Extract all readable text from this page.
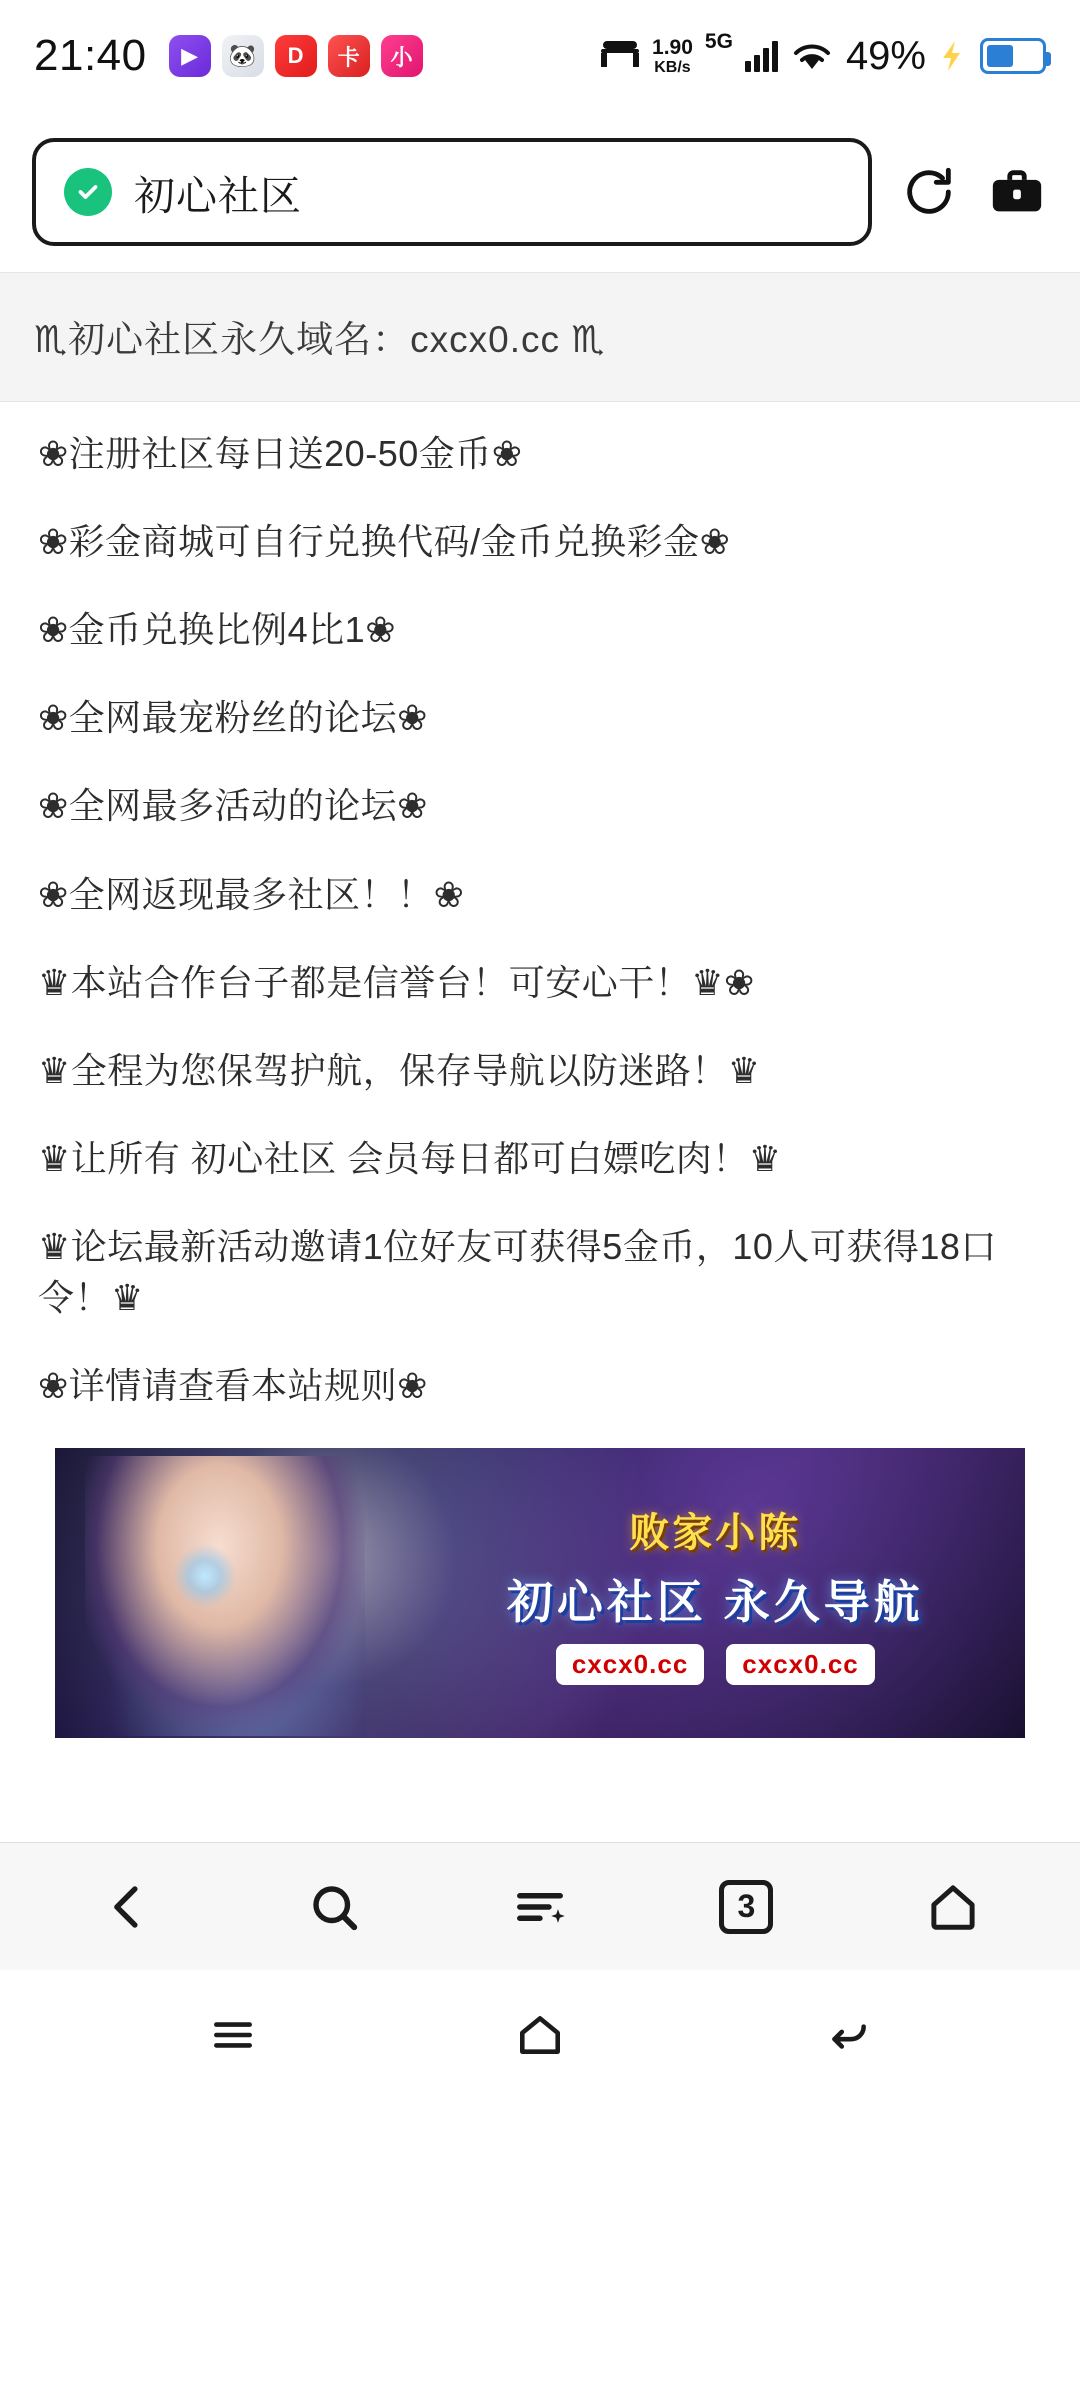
21:40	▶	🐼	D	卡	小	1.90
KB/s
5G	49%
初心社区
♏初心社区永久域名：cxcx0.cc ♏

❀注册社区每日送20-50金币❀

❀彩金商城可自行兑换代码/金币兑换彩金❀

❀金币兑换比例4比1❀

❀全网最宠粉丝的论坛❀

❀全网最多活动的论坛❀

❀全网返现最多社区！！❀

♛本站合作台子都是信誉台！可安心干！♛❀

♛全程为您保驾护航，保存导航以防迷路！♛

♛让所有 初心社区 会员每日都可白嫖吃肉！♛

♛论坛最新活动邀请1位好友可获得5金币，10人可获得18口令！♛

❀详情请查看本站规则❀

败家小陈
初心社区 永久导航
cxcx0.cc	cxcx0.cc
3
